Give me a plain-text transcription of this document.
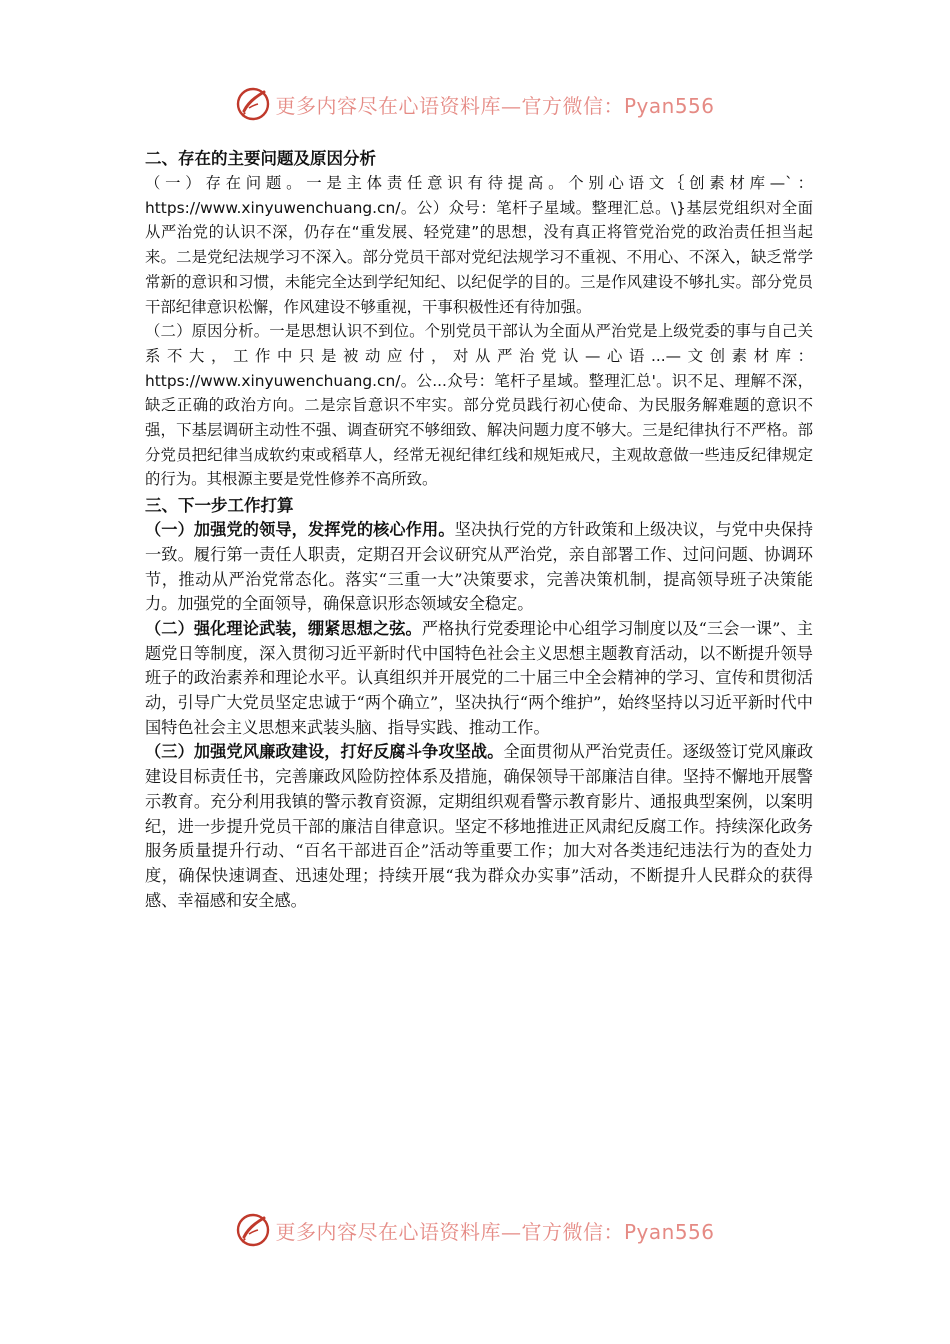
更多内容尽在心语资料库—官方微信：Pyan556

二、存在的主要问题及原因分析

（一）存在问题。一是主体责任意识有待提高。个别心语文｛创素材库—`：https://www.xinyuwenchuang.cn/。公）众号：笔杆子星域。整理汇总。\}基层党组织对全面从严治党的认识不深，仍存在“重发展、轻党建”的思想，没有真正将管党治党的政治责任担当起来。二是党纪法规学习不深入。部分党员干部对党纪法规学习不重视、不用心、不深入，缺乏常学常新的意识和习惯，未能完全达到学纪知纪、以纪促学的目的。三是作风建设不够扎实。部分党员干部纪律意识松懈，作风建设不够重视，干事积极性还有待加强。

（二）原因分析。一是思想认识不到位。个别党员干部认为全面从严治党是上级党委的事与自己关系不大，工作中只是被动应付，对从严治党认—心语...—文创素材库：https://www.xinyuwenchuang.cn/。公...众号：笔杆子星域。整理汇总'。识不足、理解不深，缺乏正确的政治方向。二是宗旨意识不牢实。部分党员践行初心使命、为民服务解难题的意识不强，下基层调研主动性不强、调查研究不够细致、解决问题力度不够大。三是纪律执行不严格。部分党员把纪律当成软约束或稻草人，经常无视纪律红线和规矩戒尺，主观故意做一些违反纪律规定的行为。其根源主要是党性修养不高所致。

三、下一步工作打算

（一）加强党的领导，发挥党的核心作用。坚决执行党的方针政策和上级决议，与党中央保持一致。履行第一责任人职责，定期召开会议研究从严治党，亲自部署工作、过问问题、协调环节，推动从严治党常态化。落实“三重一大”决策要求，完善决策机制，提高领导班子决策能力。加强党的全面领导，确保意识形态领域安全稳定。

（二）强化理论武装，绷紧思想之弦。严格执行党委理论中心组学习制度以及“三会一课”、主题党日等制度，深入贯彻习近平新时代中国特色社会主义思想主题教育活动，以不断提升领导班子的政治素养和理论水平。认真组织并开展党的二十届三中全会精神的学习、宣传和贯彻活动，引导广大党员坚定忠诚于“两个确立”，坚决执行“两个维护”，始终坚持以习近平新时代中国特色社会主义思想来武装头脑、指导实践、推动工作。

（三）加强党风廉政建设，打好反腐斗争攻坚战。全面贯彻从严治党责任。逐级签订党风廉政建设目标责任书，完善廉政风险防控体系及措施，确保领导干部廉洁自律。坚持不懈地开展警示教育。充分利用我镇的警示教育资源，定期组织观看警示教育影片、通报典型案例，以案明纪，进一步提升党员干部的廉洁自律意识。坚定不移地推进正风肃纪反腐工作。持续深化政务服务质量提升行动、“百名干部进百企”活动等重要工作；加大对各类违纪违法行为的查处力度，确保快速调查、迅速处理；持续开展“我为群众办实事”活动，不断提升人民群众的获得感、幸福感和安全感。

更多内容尽在心语资料库—官方微信：Pyan556
